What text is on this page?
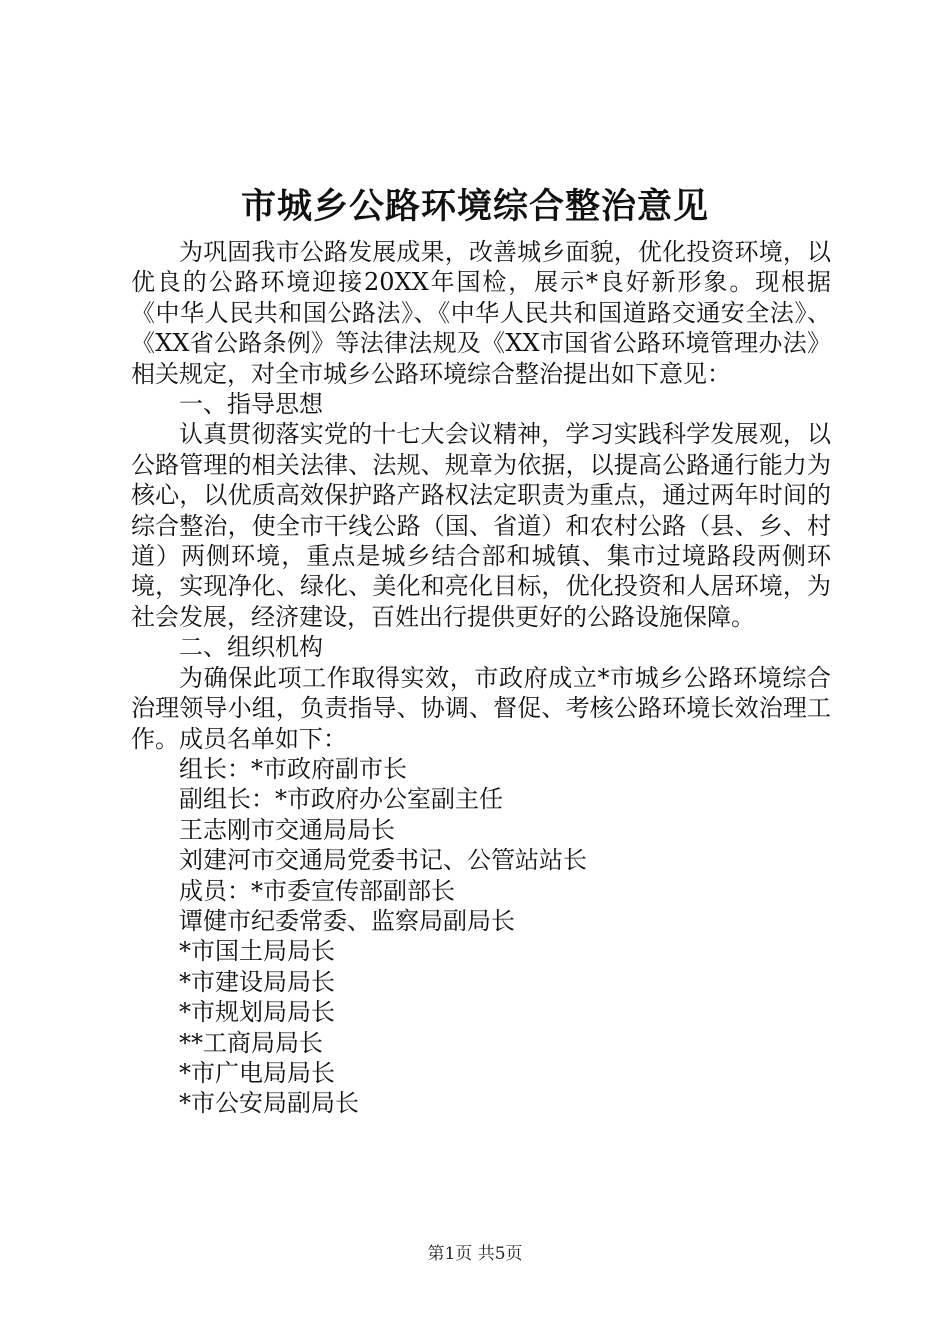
市城乡公路环境综合整治意见

为巩固我市公路发展成果，改善城乡面貌，优化投资环境，以优良的公路环境迎接20XX年国检，展示*良好新形象。现根据《中华人民共和国公路法》、《中华人民共和国道路交通安全法》、《XX省公路条例》等法律法规及《XX市国省公路环境管理办法》相关规定，对全市城乡公路环境综合整治提出如下意见：

一、指导思想

认真贯彻落实党的十七大会议精神，学习实践科学发展观，以公路管理的相关法律、法规、规章为依据，以提高公路通行能力为核心，以优质高效保护路产路权法定职责为重点，通过两年时间的综合整治，使全市干线公路（国、省道）和农村公路（县、乡、村道）两侧环境，重点是城乡结合部和城镇、集市过境路段两侧环境，实现净化、绿化、美化和亮化目标，优化投资和人居环境，为社会发展，经济建设，百姓出行提供更好的公路设施保障。

二、组织机构

为确保此项工作取得实效，市政府成立*市城乡公路环境综合治理领导小组，负责指导、协调、督促、考核公路环境长效治理工作。成员名单如下：

组长：*市政府副市长

副组长：*市政府办公室副主任

王志刚市交通局局长

刘建河市交通局党委书记、公管站站长

成员：*市委宣传部副部长

谭健市纪委常委、监察局副局长

*市国土局局长

*市建设局局长

*市规划局局长

**工商局局长

*市广电局局长

*市公安局副局长

第1页 共5页
